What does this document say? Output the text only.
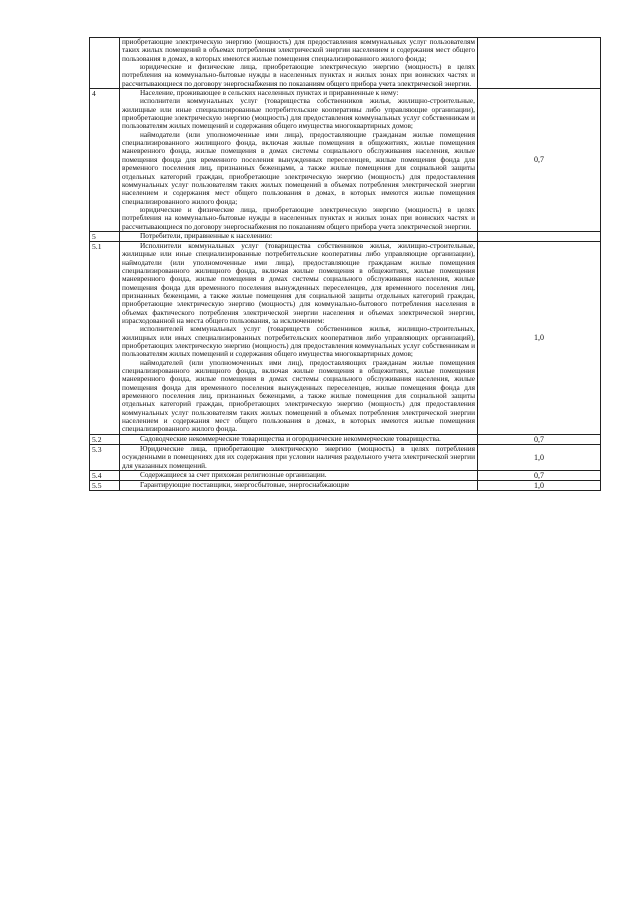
	приобретающие электрическую энергию (мощность) для предоставления коммунальных услуг пользователям таких жилых помещений в объемах потребления электрической энергии населением и содержания мест общего пользования в домах, в которых имеются жилые помещения специализированного жилого фонда;

юридические и физические лица, приобретающие электрическую энергию (мощность) в целях потребления на коммунально-бытовые нужды в населенных пунктах и жилых зонах при воинских частях и рассчитывающиеся по договору энергоснабжения по показаниям общего прибора учета электрической энергии.	

4	Население, проживающее в сельских населенных пунктах и приравненные к нему:

исполнители коммунальных услуг (товарищества собственников жилья, жилищно-строительные, жилищные или иные специализированные потребительские кооперативы либо управляющие организации), приобретающие электрическую энергию (мощность) для предоставления коммунальных услуг собственникам и пользователям жилых помещений и содержания общего имущества многоквартирных домов;

наймодатели (или уполномоченные ими лица), предоставляющие гражданам жилые помещения специализированного жилищного фонда, включая жилые помещения в общежитиях, жилые помещения маневренного фонда, жилые помещения в домах системы социального обслуживания населения, жилые помещения фонда для временного поселения вынужденных переселенцев, жилые помещения фонда для временного поселения лиц, признанных беженцами, а также жилые помещения для социальной защиты отдельных категорий граждан, приобретающие электрическую энергию (мощность) для предоставления коммунальных услуг пользователям таких жилых помещений в объемах потребления электрической энергии населением и содержания мест общего пользования в домах, в которых имеются жилые помещения специализированного жилого фонда;

юридические и физические лица, приобретающие электрическую энергию (мощность) в целях потребления на коммунально-бытовые нужды в населенных пунктах и жилых зонах при воинских частях и рассчитывающиеся по договору энергоснабжения по показаниям общего прибора учета электрической энергии.	0,7
5	Потребители, приравненные к населению:	

5.1	Исполнители коммунальных услуг (товарищества собственников жилья, жилищно-строительные, жилищные или иные специализированные потребительские кооперативы либо управляющие организации), наймодатели (или уполномоченные ими лица), предоставляющие гражданам жилые помещения специализированного жилищного фонда, включая жилые помещения в общежитиях, жилые помещения маневренного фонда, жилые помещения в домах системы социального обслуживания населения, жилые помещения фонда для временного поселения вынужденных переселенцев, для временного поселения лиц, признанных беженцами, а также жилые помещения для социальной защиты отдельных категорий граждан, приобретающие электрическую энергию (мощность) для коммунально-бытового потребления населения в объемах фактического потребления электрической энергии населения и объемах электрической энергии, израсходованной на места общего пользования, за исключением:

исполнителей коммунальных услуг (товариществ собственников жилья, жилищно-строительных, жилищных или иных специализированных потребительских кооперативов либо управляющих организаций), приобретающих электрическую энергию (мощность) для предоставления коммунальных услуг собственникам и пользователям жилых помещений и содержания общего имущества многоквартирных домов;

наймодателей (или уполномоченных ими лиц), предоставляющих гражданам жилые помещения специализированного жилищного фонда, включая жилые помещения в общежитиях, жилые помещения маневренного фонда, жилые помещения в домах системы социального обслуживания населения, жилые помещения фонда для временного поселения вынужденных переселенцев, жилые помещения фонда для временного поселения лиц, признанных беженцами, а также жилые помещения для социальной защиты отдельных категорий граждан, приобретающих электрическую энергию (мощность) для предоставления коммунальных услуг пользователям таких жилых помещений в объемах потребления электрической энергии населением и содержания мест общего пользования в домах, в которых имеются жилые помещения специализированного жилого фонда.	1,0
5.2	Садоводческие некоммерческие товарищества и огороднические некоммерческие товарищества.	0,7
5.3	Юридические лица, приобретающие электрическую энергию (мощность) в целях потребления осужденными в помещениях для их содержания при условии наличия раздельного учета электрической энергии для указанных помещений.	1,0
5.4	Содержащиеся за счет прихожан религиозные организации.	0,7
5.5	Гарантирующие поставщики, энергосбытовые, энергоснабжающие	1,0
